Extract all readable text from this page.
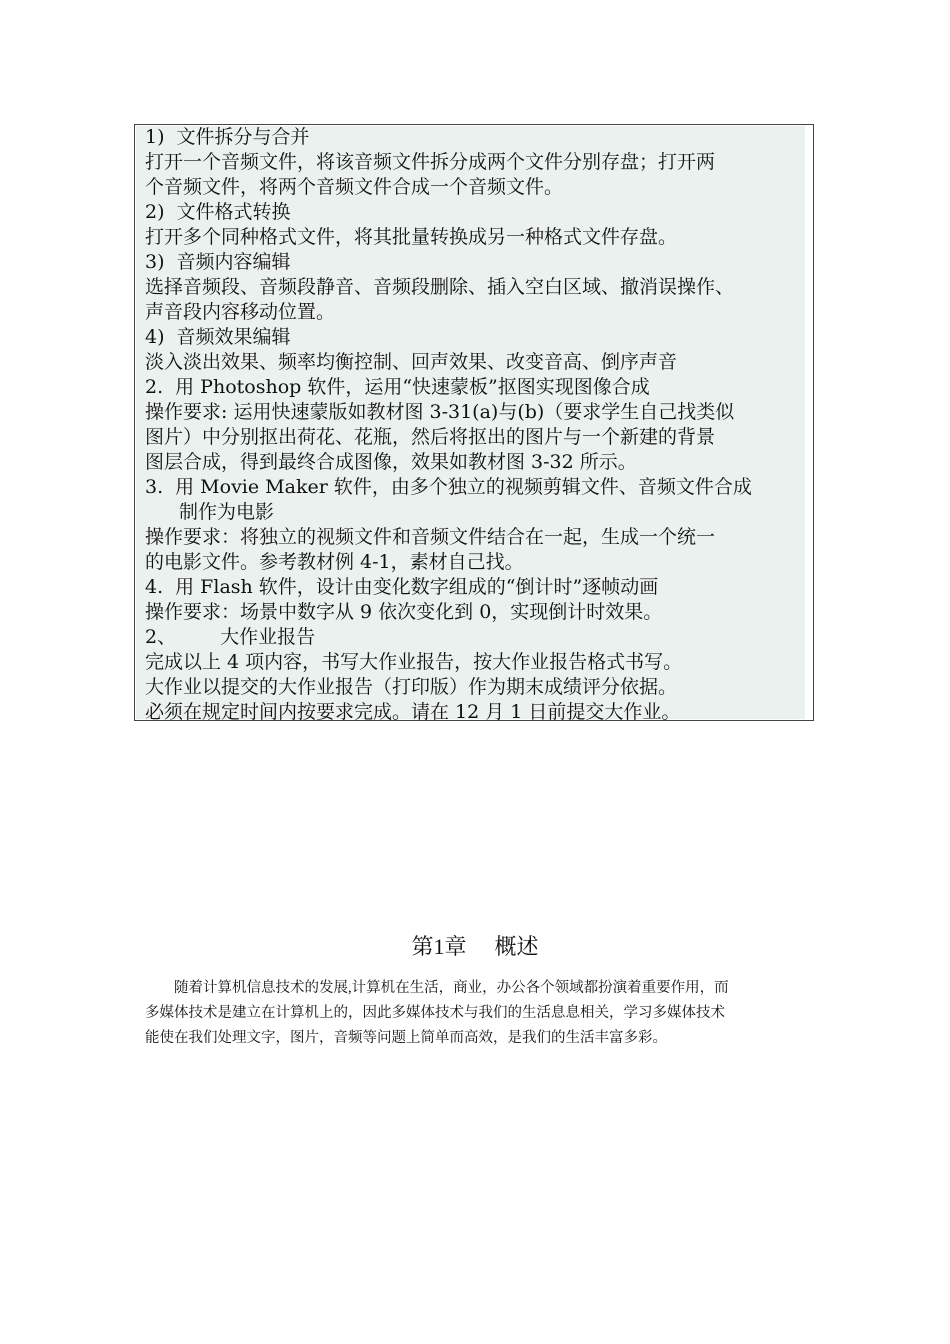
1) 文件拆分与合并
打开一个音频文件，将该音频文件拆分成两个文件分别存盘；打开两
个音频文件，将两个音频文件合成一个音频文件。
2) 文件格式转换
打开多个同种格式文件，将其批量转换成另一种格式文件存盘。
3) 音频内容编辑
选择音频段、音频段静音、音频段删除、插入空白区域、撤消误操作、
声音段内容移动位置。
4) 音频效果编辑
淡入淡出效果、频率均衡控制、回声效果、改变音高、倒序声音
2. 用 Photoshop 软件，运用“快速蒙板”抠图实现图像合成
操作要求: 运用快速蒙版如教材图 3-31(a)与(b)（要求学生自己找类似
图片）中分别抠出荷花、花瓶，然后将抠出的图片与一个新建的背景
图层合成，得到最终合成图像，效果如教材图 3-32 所示。
3. 用 Movie Maker 软件，由多个独立的视频剪辑文件、音频文件合成
制作为电影
操作要求：将独立的视频文件和音频文件结合在一起，生成一个统一
的电影文件。参考教材例 4-1，素材自己找。
4. 用 Flash 软件，设计由变化数字组成的“倒计时”逐帧动画
操作要求：场景中数字从 9 依次变化到 0，实现倒计时效果。
2、 大作业报告
完成以上 4 项内容，书写大作业报告，按大作业报告格式书写。
大作业以提交的大作业报告（打印版）作为期末成绩评分依据。
必须在规定时间内按要求完成。请在 12 月 1 日前提交大作业。
第1章 概述
随着计算机信息技术的发展,计算机在生活，商业，办公各个领域都扮演着重要作用，而
多媒体技术是建立在计算机上的，因此多媒体技术与我们的生活息息相关，学习多媒体技术
能使在我们处理文字，图片，音频等问题上简单而高效，是我们的生活丰富多彩。
